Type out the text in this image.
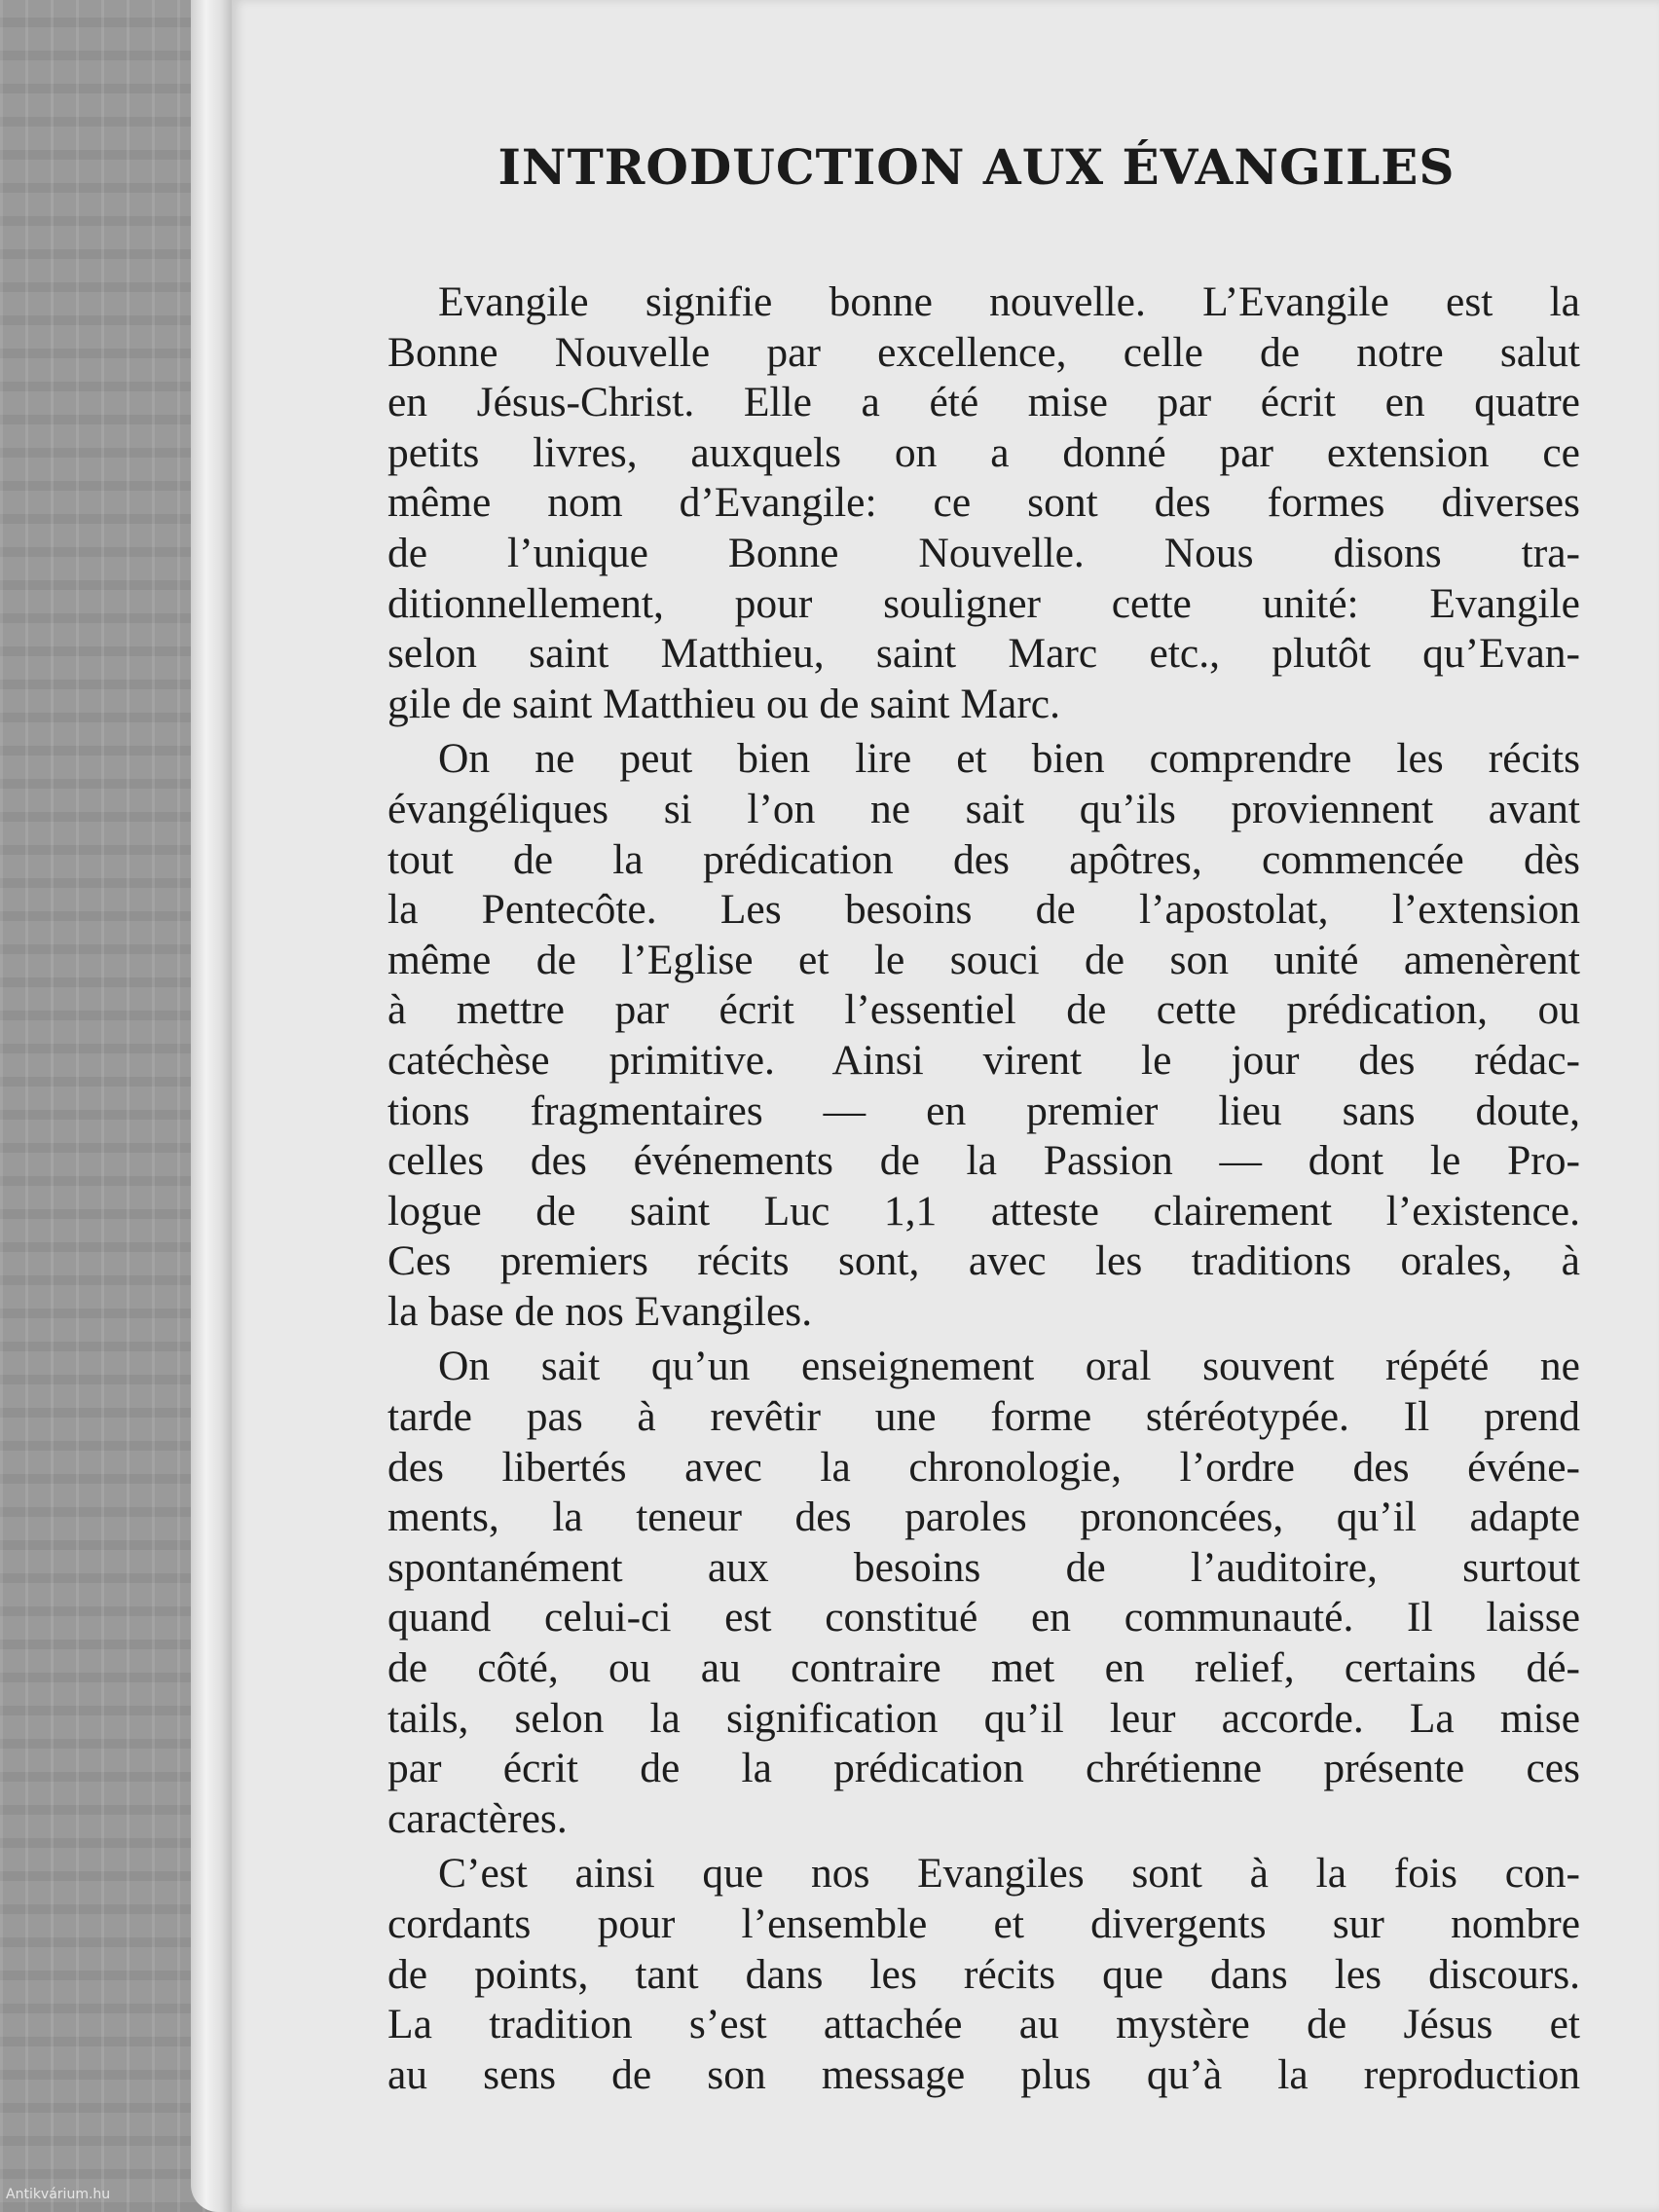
INTRODUCTION AUX ÉVANGILES
Evangile signifie bonne nouvelle. L’Evangile est la
Bonne Nouvelle par excellence, celle de notre salut
en Jésus-Christ. Elle a été mise par écrit en quatre
petits livres, auxquels on a donné par extension ce
même nom d’Evangile: ce sont des formes diverses
de l’unique Bonne Nouvelle. Nous disons tra-
ditionnellement, pour souligner cette unité: Evangile
selon saint Matthieu, saint Marc etc., plutôt qu’Evan-
gile de saint Matthieu ou de saint Marc.
On ne peut bien lire et bien comprendre les récits
évangéliques si l’on ne sait qu’ils proviennent avant
tout de la prédication des apôtres, commencée dès
la Pentecôte. Les besoins de l’apostolat, l’extension
même de l’Eglise et le souci de son unité amenèrent
à mettre par écrit l’essentiel de cette prédication, ou
catéchèse primitive. Ainsi virent le jour des rédac-
tions fragmentaires — en premier lieu sans doute,
celles des événements de la Passion — dont le Pro-
logue de saint Luc 1,1 atteste clairement l’existence.
Ces premiers récits sont, avec les traditions orales, à
la base de nos Evangiles.
On sait qu’un enseignement oral souvent répété ne
tarde pas à revêtir une forme stéréotypée. Il prend
des libertés avec la chronologie, l’ordre des événe-
ments, la teneur des paroles prononcées, qu’il adapte
spontanément aux besoins de l’auditoire, surtout
quand celui-ci est constitué en communauté. Il laisse
de côté, ou au contraire met en relief, certains dé-
tails, selon la signification qu’il leur accorde. La mise
par écrit de la prédication chrétienne présente ces
caractères.
C’est ainsi que nos Evangiles sont à la fois con-
cordants pour l’ensemble et divergents sur nombre
de points, tant dans les récits que dans les discours.
La tradition s’est attachée au mystère de Jésus et
au sens de son message plus qu’à la reproduction
Antikvárium.hu
